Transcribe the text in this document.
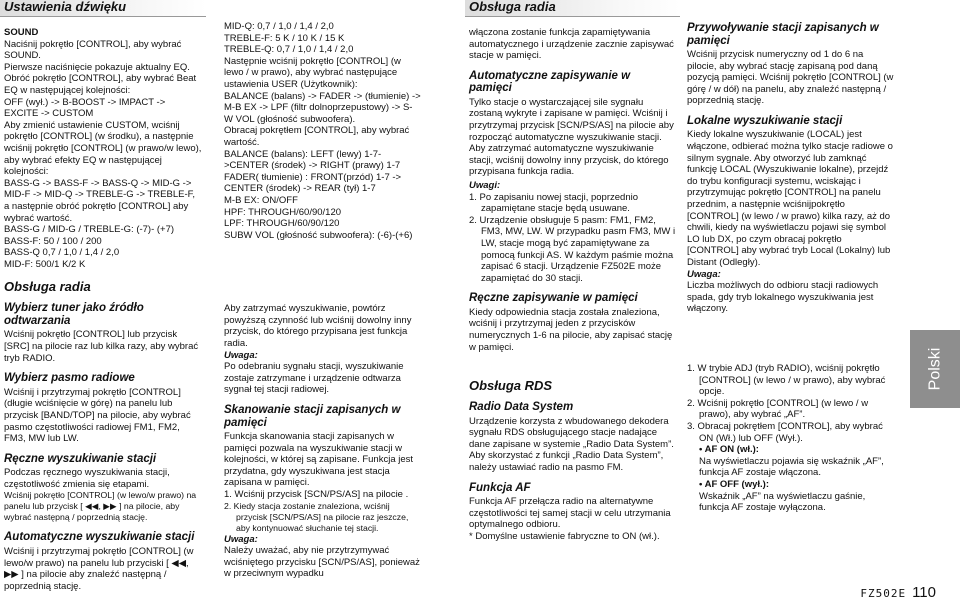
Ustawienia dźwięku

SOUND

Naciśnij pokrętło [CONTROL], aby wybrać SOUND.

Pierwsze naciśnięcie pokazuje aktualny EQ.

Obróć pokrętło [CONTROL], aby wybrać Beat EQ w następującej kolejności:

OFF (wył.) -> B-BOOST -> IMPACT -> EXCITE -> CUSTOM

Aby zmienić ustawienie CUSTOM, wciśnij pokrętło [CONTROL] (w środku), a następnie wciśnij pokrętło [CONTROL] (w prawo/w lewo), aby wybrać efekty EQ w następującej kolejności:

BASS-G -> BASS-F -> BASS-Q -> MID-G -> MID-F -> MID-Q -> TREBLE-G -> TREBLE-F, a następnie obróć pokrętło [CONTROL] aby wybrać wartość.

BASS-G / MID-G / TREBLE-G: (-7)- (+7)

BASS-F: 50 / 100 / 200

BASS-Q 0,7 / 1,0 / 1,4 / 2,0

MID-F: 500/1 K/2 K

Obsługa radia
Wybierz tuner jako źródło odtwarzania

Wciśnij pokrętło [CONTROL] lub przycisk [SRC] na pilocie raz lub kilka razy, aby wybrać tryb RADIO.

Wybierz pasmo radiowe

Wciśnij i przytrzymaj pokrętło [CONTROL] (długie wciśnięcie w górę) na panelu lub przycisk [BAND/TOP] na pilocie, aby wybrać pasmo częstotliwości radiowej FM1, FM2, FM3, MW lub LW.

Ręczne wyszukiwanie stacji

Podczas ręcznego wyszukiwania stacji, częstotliwość zmienia się etapami.

Wciśnij pokrętło [CONTROL] (w lewo/w prawo) na panelu lub przycisk [ ◀◀, ▶▶ ] na pilocie, aby wybrać następną / poprzednią stację.

Automatyczne wyszukiwanie stacji

Wciśnij i przytrzymaj pokrętło [CONTROL] (w lewo/w prawo) na panelu lub przyciski [ ◀◀, ▶▶ ] na pilocie aby znaleźć następną / poprzednią stację.

MID-Q: 0,7 / 1,0 / 1,4 / 2,0

TREBLE-F: 5 K / 10 K / 15 K

TREBLE-Q: 0,7 / 1,0 / 1,4 / 2,0

Następnie wciśnij pokrętło [CONTROL] (w lewo / w prawo), aby wybrać następujące ustawienia USER (Użytkownik):

BALANCE (balans) -> FADER -> (tłumienie) -> M-B EX -> LPF (filtr dolnoprzepustowy) -> S-W VOL (głośność subwoofera).

Obracaj pokrętłem [CONTROL], aby wybrać wartość.

BALANCE (balans): LEFT (lewy) 1-7->CENTER (środek) -> RIGHT (prawy) 1-7

FADER( tłumienie) : FRONT(przód) 1-7 -> CENTER (środek) -> REAR (tył) 1-7

M-B EX: ON/OFF

HPF: THROUGH/60/90/120

LPF: THROUGH/60/90/120

SUBW VOL (głośność subwoofera): (-6)-(+6)

Aby zatrzymać wyszukiwanie, powtórz powyższą czynność lub wciśnij dowolny inny przycisk, do którego przypisana jest funkcja radia.

Uwaga:

Po odebraniu sygnału stacji, wyszukiwanie zostaje zatrzymane i urządzenie odtwarza sygnał tej stacji radiowej.

Skanowanie stacji zapisanych w pamięci

Funkcja skanowania stacji zapisanych w pamięci pozwala na wyszukiwanie stacji w kolejności, w której są zapisane. Funkcja jest przydatna, gdy wyszukiwana jest stacja zapisana w pamięci.

1. Wciśnij przycisk [SCN/PS/AS] na pilocie .

2. Kiedy stacja zostanie znaleziona, wciśnij przycisk [SCN/PS/AS] na pilocie raz jeszcze, aby kontynuować słuchanie tej stacji.

Uwaga:

Należy uważać, aby nie przytrzymywać wciśniętego przycisku [SCN/PS/AS], ponieważ w przeciwnym wypadku

Obsługa radia

włączona zostanie funkcja zapamiętywania automatycznego i urządzenie zacznie zapisywać stacje w pamięci.

Automatyczne zapisywanie w pamięci

Tylko stacje o wystarczającej sile sygnału zostaną wykryte i zapisane w pamięci. Wciśnij i przytrzymaj przycisk [SCN/PS/AS] na pilocie aby rozpocząć automatyczne wyszukiwanie stacji. Aby zatrzymać automatyczne wyszukiwanie stacji, wciśnij dowolny inny przycisk, do którego przypisana funkcja radia.

Uwagi:

1. Po zapisaniu nowej stacji, poprzednio zapamiętane stacje będą usuwane.

2. Urządzenie obsługuje 5 pasm: FM1, FM2, FM3, MW, LW. W przypadku pasm FM3, MW i LW, stacje mogą być zapamiętywane za pomocą funkcji AS. W każdym paśmie można zapisać 6 stacji. Urządzenie FZ502E może zapamiętać do 30 stacji.

Ręczne zapisywanie w pamięci

Kiedy odpowiednia stacja została znaleziona, wciśnij i przytrzymaj jeden z przycisków numerycznych 1-6 na pilocie, aby zapisać stację w pamięci.

Obsługa RDS
Radio Data System

Urządzenie korzysta z wbudowanego dekodera sygnału RDS obsługującego stacje nadające dane zapisane w systemie „Radio Data System”.

Aby skorzystać z funkcji „Radio Data System”, należy ustawiać radio na pasmo FM.

Funkcja AF

Funkcja AF przełącza radio na alternatywne częstotliwości tej samej stacji w celu utrzymania optymalnego odbioru.

* Domyślne ustawienie fabryczne to ON (wł.).

Przywoływanie stacji zapisanych w pamięci

Wciśnij przycisk numeryczny od 1 do 6 na pilocie, aby wybrać stację zapisaną pod daną pozycją pamięci. Wciśnij pokrętło [CONTROL] (w górę / w dół) na panelu, aby znaleźć następną / poprzednią stację.

Lokalne wyszukiwanie stacji

Kiedy lokalne wyszukiwanie (LOCAL) jest włączone, odbierać można tylko stacje radiowe o silnym sygnale. Aby otworzyć lub zamknąć funkcję LOCAL (Wyszukiwanie lokalne), przejdź do trybu konfiguracji systemu, wciskając i przytrzymując pokrętło [CONTROL] na panelu przednim, a następnie wciśnijpokrętło [CONTROL] (w lewo / w prawo) kilka razy, aż do chwili, kiedy na wyświetlaczu pojawi się symbol LO lub DX, po czym obracaj pokrętło [CONTROL] aby wybrać tryb Local (Lokalny) lub Distant (Odległy).

Uwaga:

Liczba możliwych do odbioru stacji radiowych spada, gdy tryb lokalnego wyszukiwania jest włączony.

1. W trybie ADJ (tryb RADIO), wciśnij pokrętło [CONTROL] (w lewo / w prawo), aby wybrać opcje.

2. Wciśnij pokrętło [CONTROL] (w lewo / w prawo), aby wybrać „AF”.

3. Obracaj pokrętłem [CONTROL], aby wybrać ON (Wł.) lub OFF (Wył.).

• AF ON (wł.):

Na wyświetlaczu pojawia się wskaźnik „AF”, funkcja AF zostaje włączona.

• AF OFF (wył.):

Wskaźnik „AF” na wyświetlaczu gaśnie, funkcja AF zostaje wyłączona.

Polski
FZ502E 110
